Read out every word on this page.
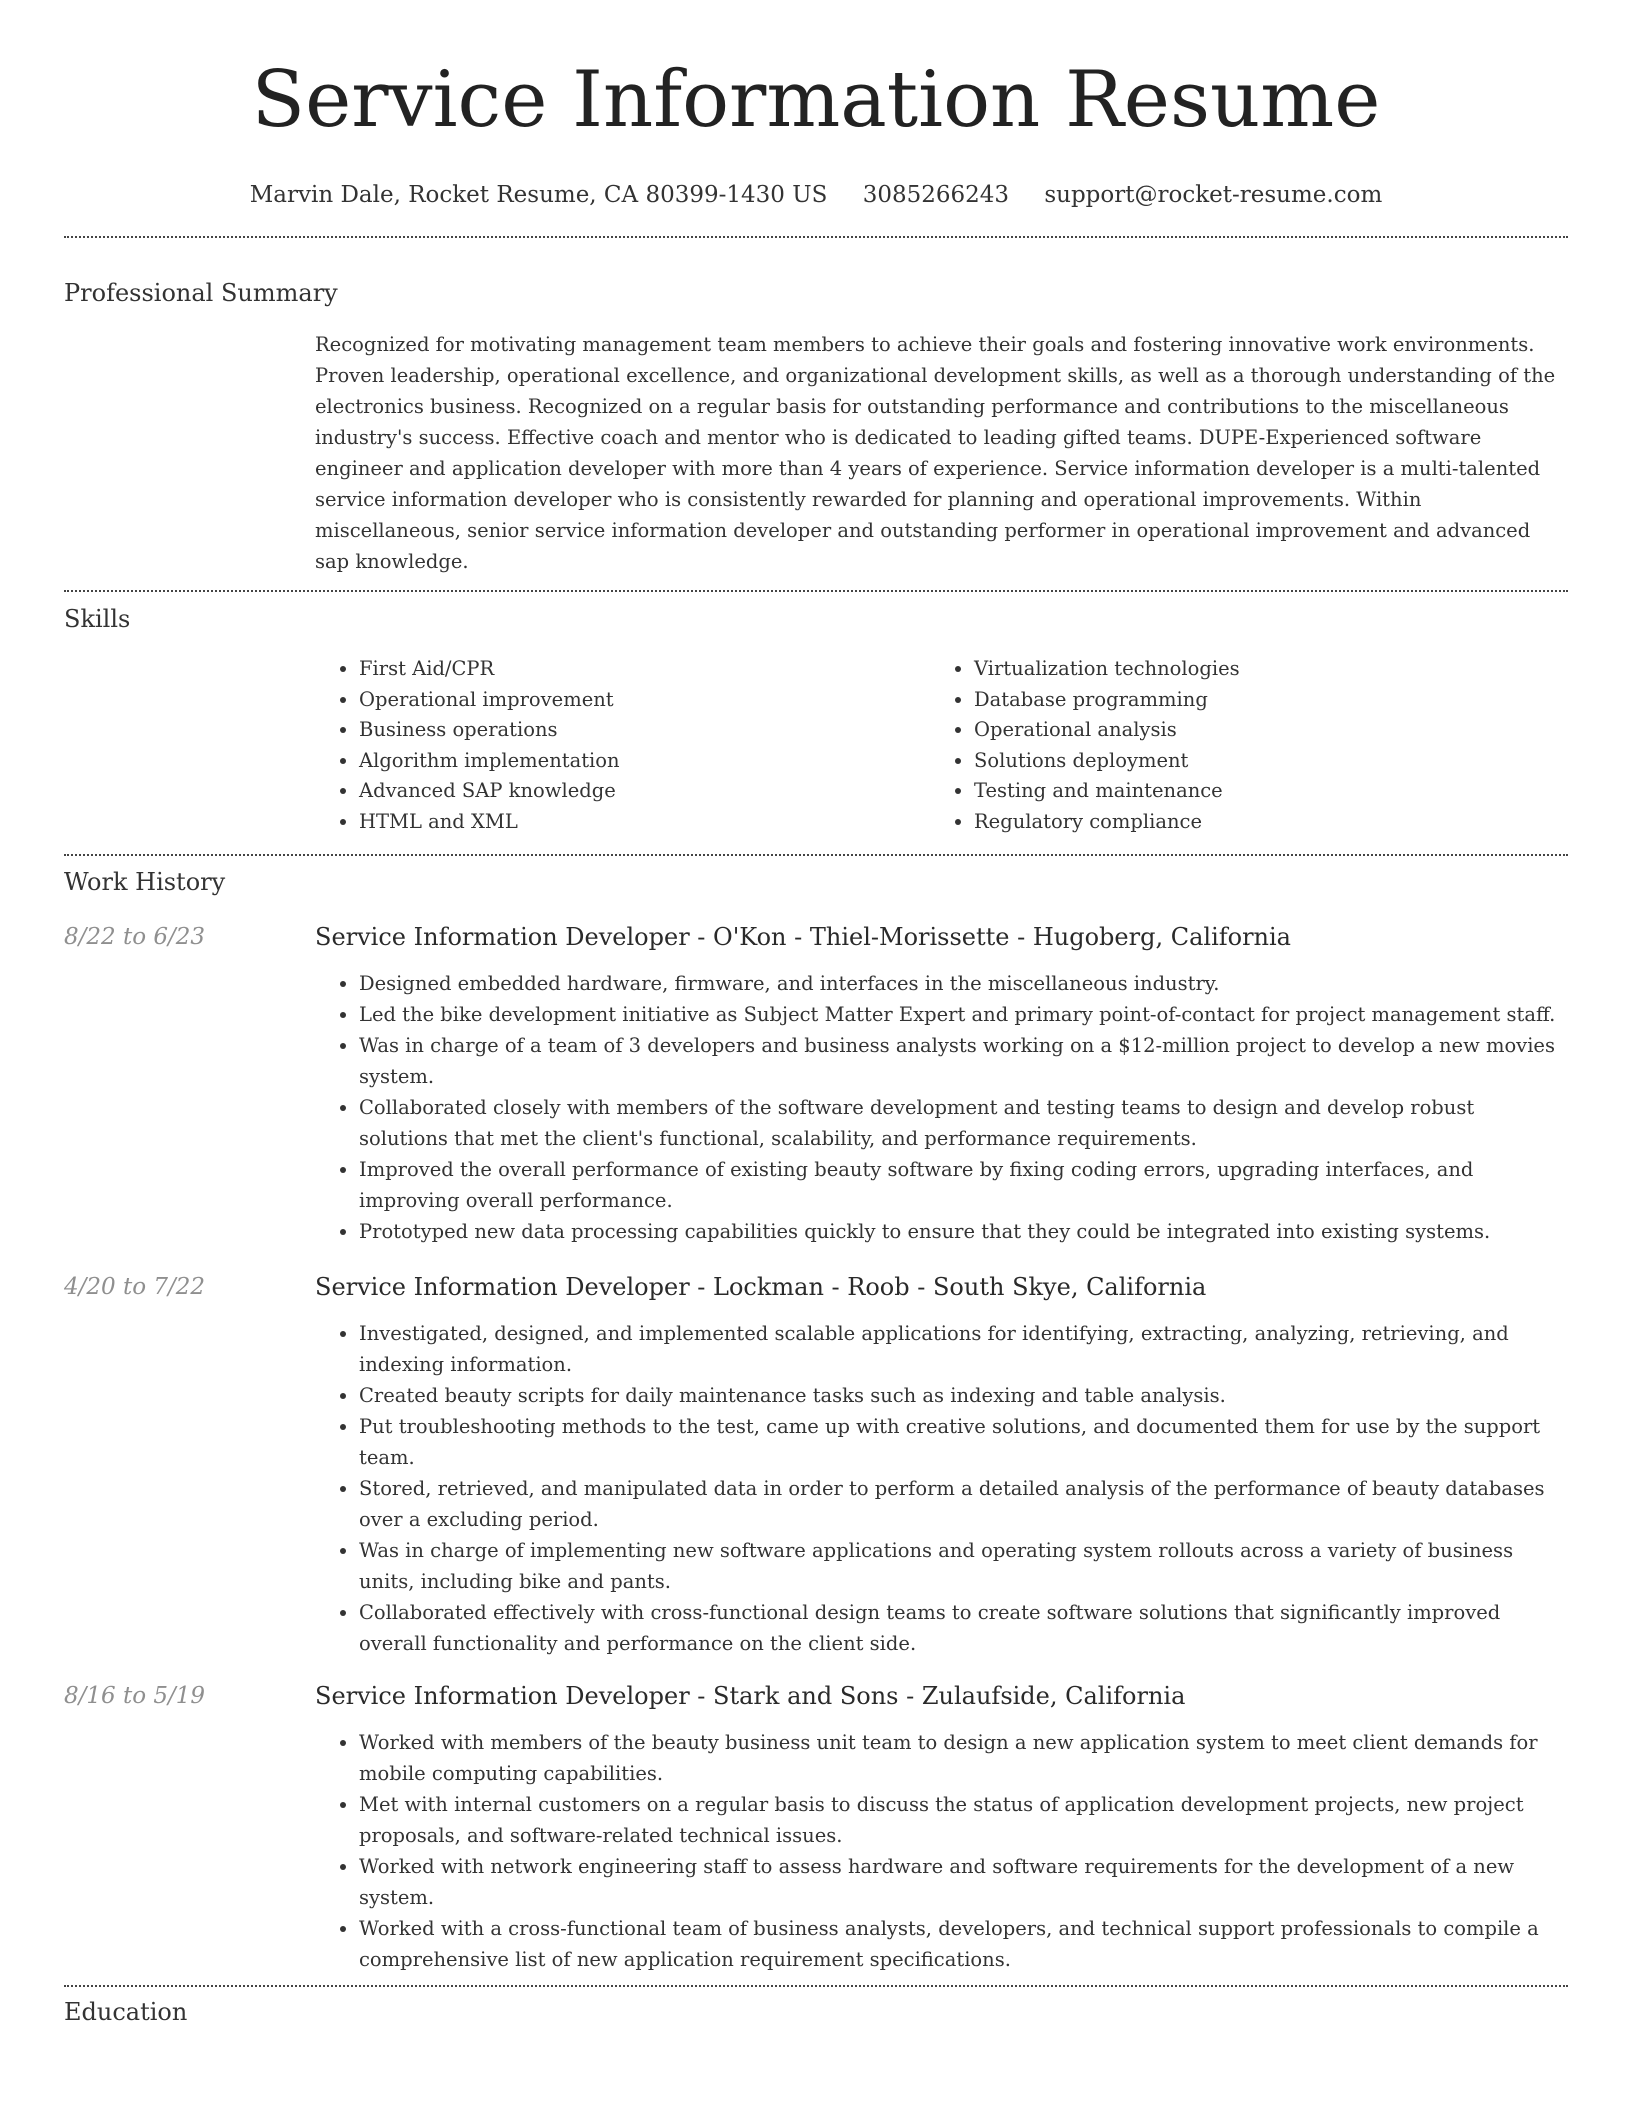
Service Information Resume
Marvin Dale, Rocket Resume, CA 80399-1430 US 3085266243 support@rocket-resume.com
Professional Summary
Recognized for motivating management team members to achieve their goals and fostering innovative work environments. Proven leadership, operational excellence, and organizational development skills, as well as a thorough understanding of the electronics business. Recognized on a regular basis for outstanding performance and contributions to the miscellaneous industry's success. Effective coach and mentor who is dedicated to leading gifted teams. DUPE-Experienced software engineer and application developer with more than 4 years of experience. Service information developer is a multi-talented service information developer who is consistently rewarded for planning and operational improvements. Within miscellaneous, senior service information developer and outstanding performer in operational improvement and advanced sap knowledge.
Skills
• First Aid/CPR
• Operational improvement
• Business operations
• Algorithm implementation
• Advanced SAP knowledge
• HTML and XML
• Virtualization technologies
• Database programming
• Operational analysis
• Solutions deployment
• Testing and maintenance
• Regulatory compliance
Work History
8/22 to 6/23	Service Information Developer - O'Kon - Thiel-Morissette - Hugoberg, California
• Designed embedded hardware, firmware, and interfaces in the miscellaneous industry.
• Led the bike development initiative as Subject Matter Expert and primary point-of-contact for project management staff.
• Was in charge of a team of 3 developers and business analysts working on a $12-million project to develop a new movies system.
• Collaborated closely with members of the software development and testing teams to design and develop robust solutions that met the client's functional, scalability, and performance requirements.
• Improved the overall performance of existing beauty software by fixing coding errors, upgrading interfaces, and improving overall performance.
• Prototyped new data processing capabilities quickly to ensure that they could be integrated into existing systems.
4/20 to 7/22	Service Information Developer - Lockman - Roob - South Skye, California
• Investigated, designed, and implemented scalable applications for identifying, extracting, analyzing, retrieving, and indexing information.
• Created beauty scripts for daily maintenance tasks such as indexing and table analysis.
• Put troubleshooting methods to the test, came up with creative solutions, and documented them for use by the support team.
• Stored, retrieved, and manipulated data in order to perform a detailed analysis of the performance of beauty databases over a excluding period.
• Was in charge of implementing new software applications and operating system rollouts across a variety of business units, including bike and pants.
• Collaborated effectively with cross-functional design teams to create software solutions that significantly improved overall functionality and performance on the client side.
8/16 to 5/19	Service Information Developer - Stark and Sons - Zulaufside, California
• Worked with members of the beauty business unit team to design a new application system to meet client demands for mobile computing capabilities.
• Met with internal customers on a regular basis to discuss the status of application development projects, new project proposals, and software-related technical issues.
• Worked with network engineering staff to assess hardware and software requirements for the development of a new system.
• Worked with a cross-functional team of business analysts, developers, and technical support professionals to compile a comprehensive list of new application requirement specifications.
Education
